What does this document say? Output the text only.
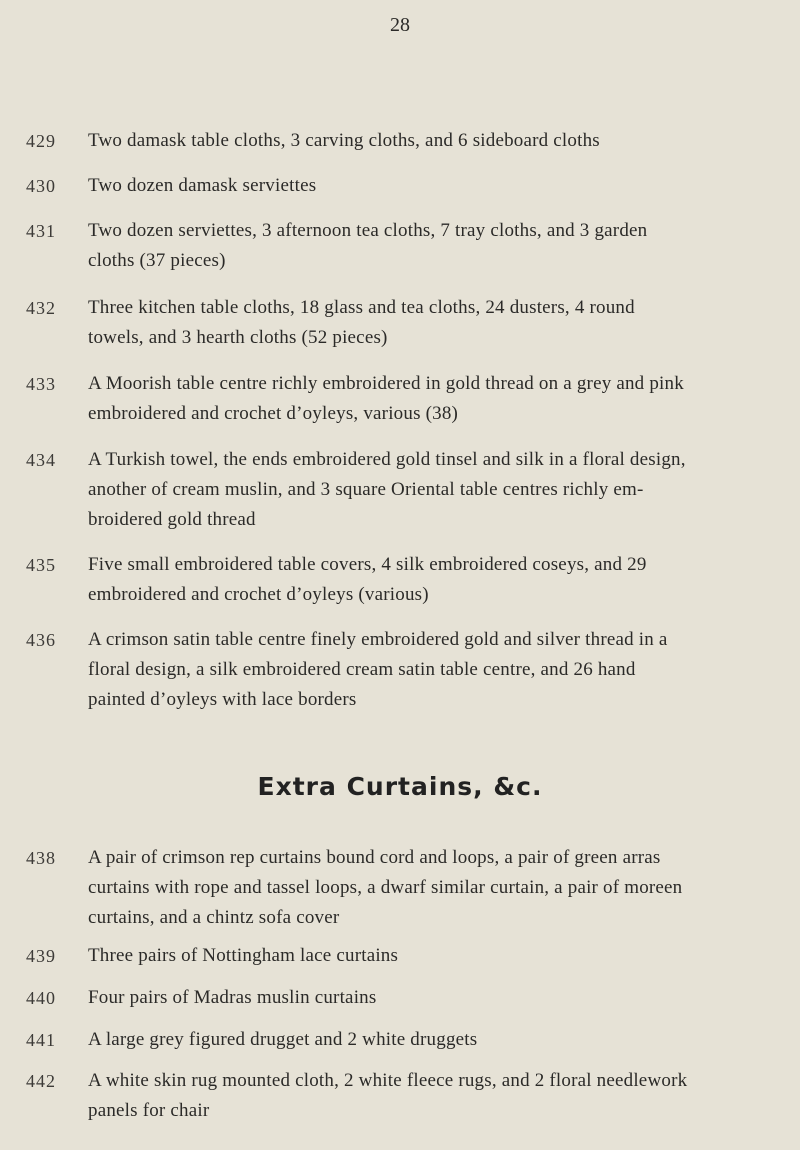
28
429	Two damask table cloths, 3 carving cloths, and 6 sideboard cloths
430	Two dozen damask serviettes
431	Two dozen serviettes, 3 afternoon tea cloths, 7 tray cloths, and 3 garden
cloths (37 pieces)
432	Three kitchen table cloths, 18 glass and tea cloths, 24 dusters, 4 round
towels, and 3 hearth cloths (52 pieces)
433	A Moorish table centre richly embroidered in gold thread on a grey and pink
embroidered and crochet d’oyleys, various (38)
434	A Turkish towel, the ends embroidered gold tinsel and silk in a floral design,
another of cream muslin, and 3 square Oriental table centres richly em-
broidered gold thread
435	Five small embroidered table covers, 4 silk embroidered coseys, and 29
embroidered and crochet d’oyleys (various)
436	A crimson satin table centre finely embroidered gold and silver thread in a
floral design, a silk embroidered cream satin table centre, and 26 hand
painted d’oyleys with lace borders
Extra Curtains, &c.
438	A pair of crimson rep curtains bound cord and loops, a pair of green arras
curtains with rope and tassel loops, a dwarf similar curtain, a pair of moreen
curtains, and a chintz sofa cover
439	Three pairs of Nottingham lace curtains
440	Four pairs of Madras muslin curtains
441	A large grey figured drugget and 2 white druggets
442	A white skin rug mounted cloth, 2 white fleece rugs, and 2 floral needlework
panels for chair
